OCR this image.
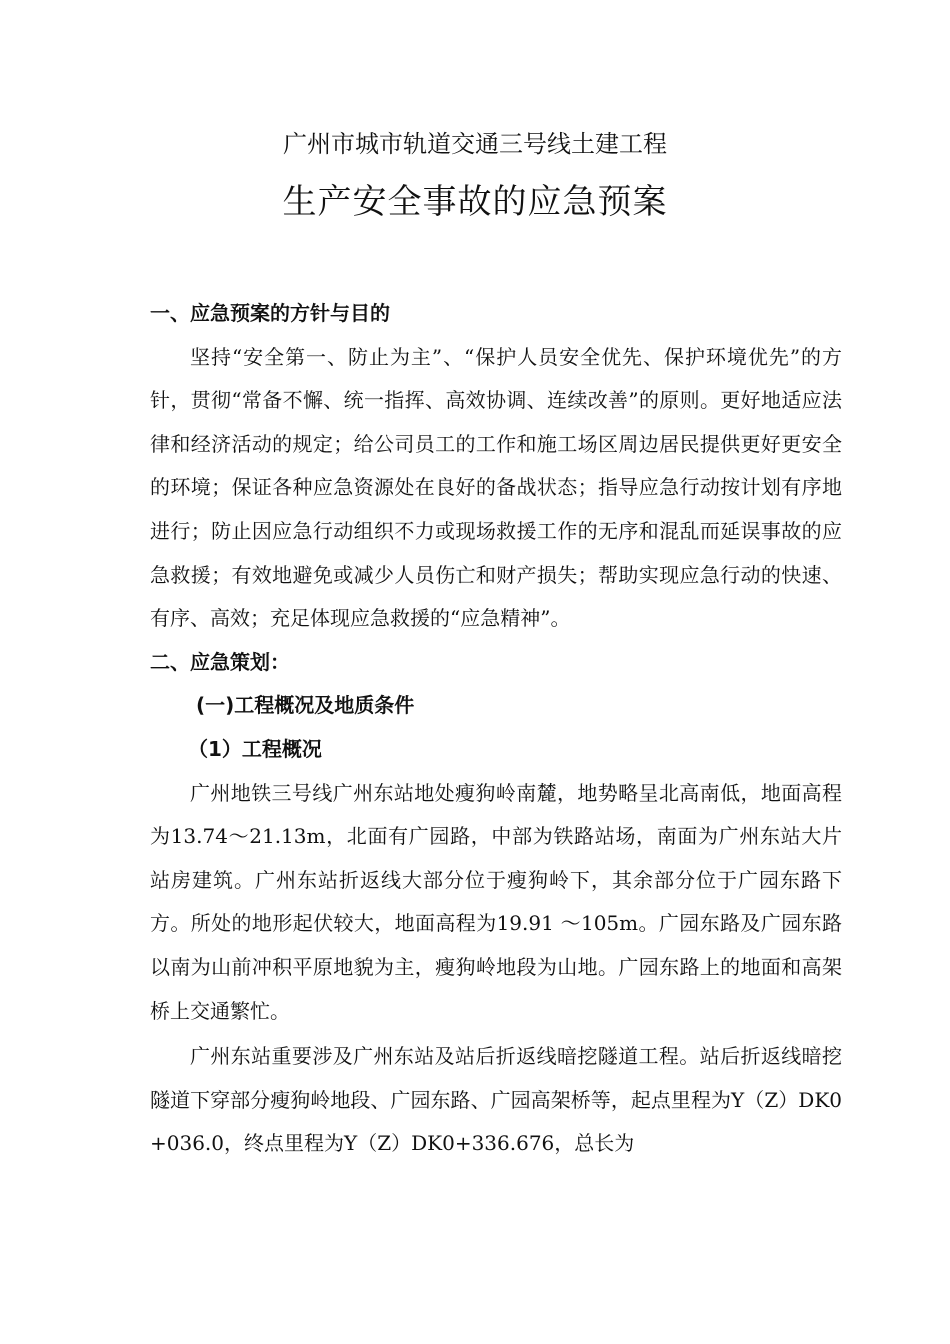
广州市城市轨道交通三号线土建工程
生产安全事故的应急预案

一、应急预案的方针与目的

坚持“安全第一、防止为主”、“保护人员安全优先、保护环境优先”的方针，贯彻“常备不懈、统一指挥、高效协调、连续改善”的原则。更好地适应法律和经济活动的规定；给公司员工的工作和施工场区周边居民提供更好更安全的环境；保证各种应急资源处在良好的备战状态；指导应急行动按计划有序地进行；防止因应急行动组织不力或现场救援工作的无序和混乱而延误事故的应急救援；有效地避免或减少人员伤亡和财产损失；帮助实现应急行动的快速、有序、高效；充足体现应急救援的“应急精神”。

二、应急策划：

(一)工程概况及地质条件

（1）工程概况

广州地铁三号线广州东站地处瘦狗岭南麓，地势略呈北高南低，地面高程为13.74～21.13m，北面有广园路，中部为铁路站场，南面为广州东站大片站房建筑。广州东站折返线大部分位于瘦狗岭下，其余部分位于广园东路下方。所处的地形起伏较大，地面高程为19.91 ～105m。广园东路及广园东路以南为山前冲积平原地貌为主，瘦狗岭地段为山地。广园东路上的地面和高架桥上交通繁忙。

广州东站重要涉及广州东站及站后折返线暗挖隧道工程。站后折返线暗挖隧道下穿部分瘦狗岭地段、广园东路、广园高架桥等，起点里程为Y（Z）DK0+036.0，终点里程为Y（Z）DK0+336.676，总长为
